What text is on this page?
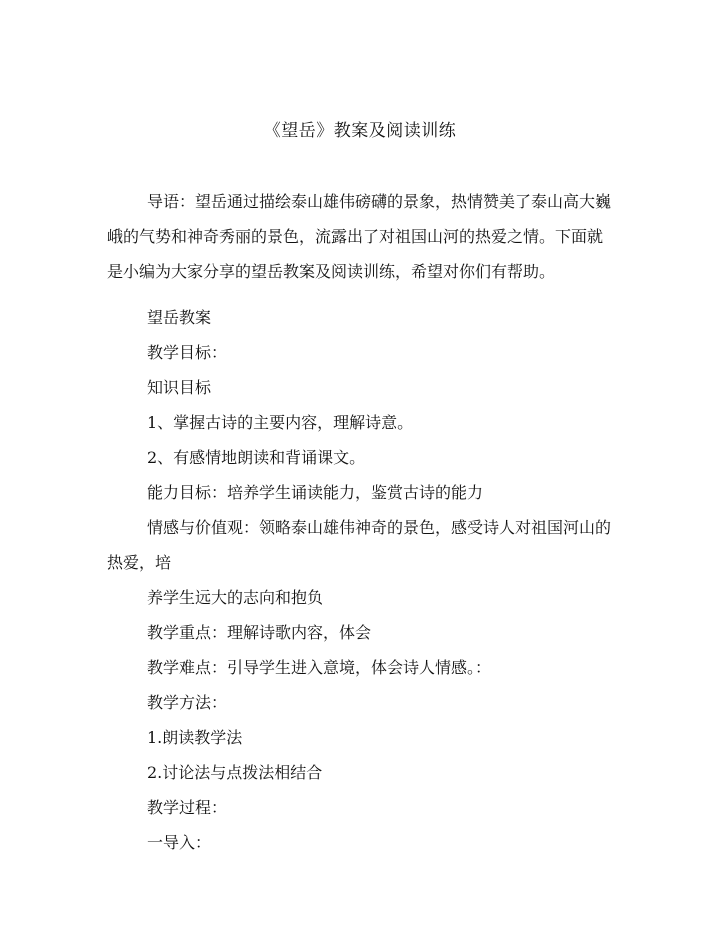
《望岳》教案及阅读训练

导语：望岳通过描绘泰山雄伟磅礴的景象，热情赞美了泰山高大巍峨的气势和神奇秀丽的景色，流露出了对祖国山河的热爱之情。下面就是小编为大家分享的望岳教案及阅读训练，希望对你们有帮助。

望岳教案

教学目标：

知识目标

1、掌握古诗的主要内容，理解诗意。

2、有感情地朗读和背诵课文。

能力目标：培养学生诵读能力，鉴赏古诗的能力

情感与价值观：领略泰山雄伟神奇的景色，感受诗人对祖国河山的热爱，培

养学生远大的志向和抱负

教学重点：理解诗歌内容，体会

教学难点：引导学生进入意境，体会诗人情感。：

教学方法：

1.朗读教学法

2.讨论法与点拨法相结合

教学过程：

一导入：
